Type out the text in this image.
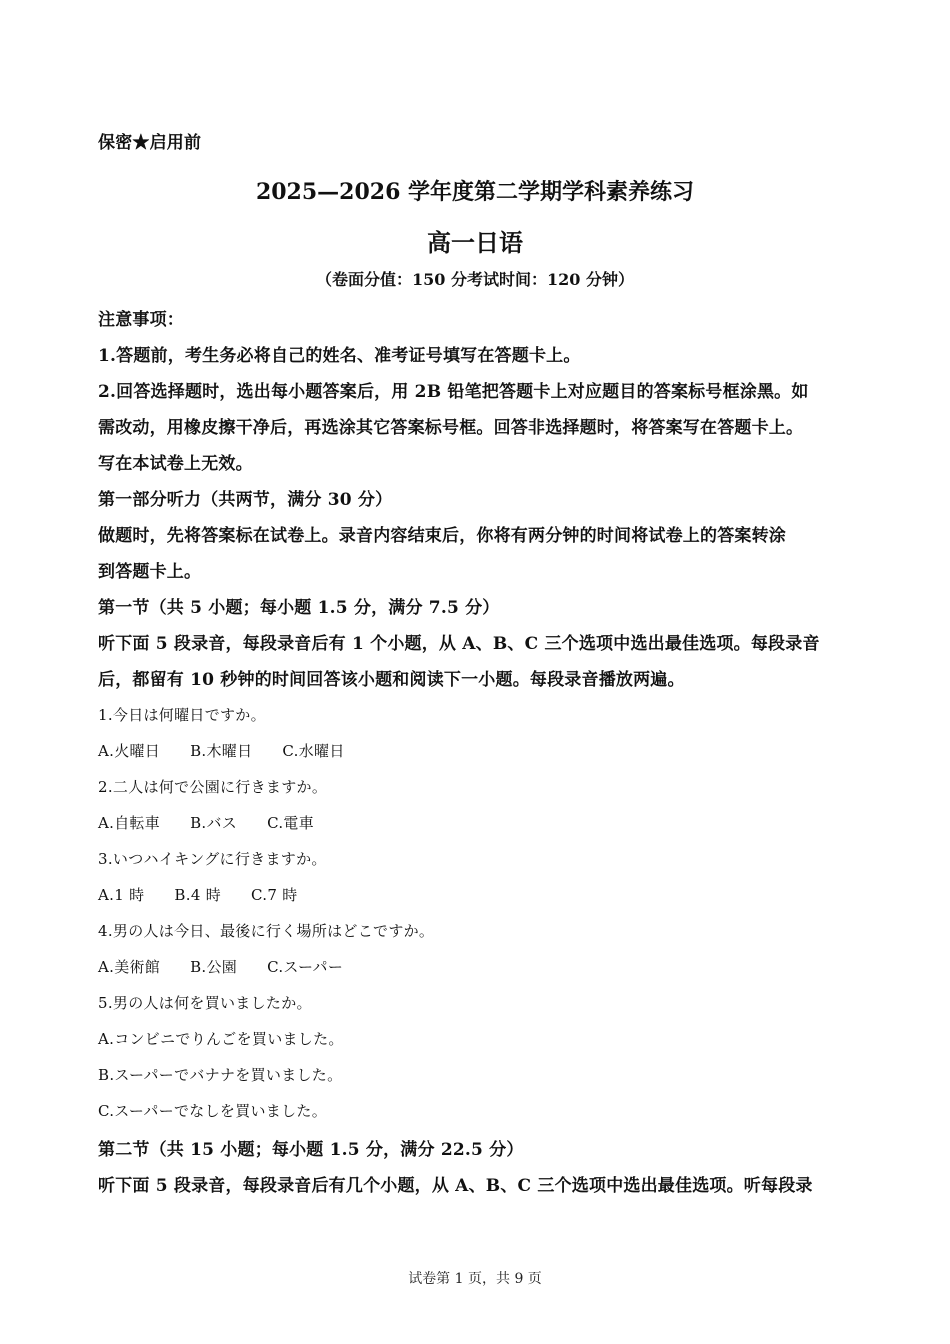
保密★启用前
2025—2026 学年度第二学期学科素养练习
高一日语
（卷面分值：150 分考试时间：120 分钟）
注意事项：
1.答题前，考生务必将自己的姓名、准考证号填写在答题卡上。
2.回答选择题时，选出每小题答案后，用 2B 铅笔把答题卡上对应题目的答案标号框涂黑。如
需改动，用橡皮擦干净后，再选涂其它答案标号框。回答非选择题时，将答案写在答题卡上。
写在本试卷上无效。
第一部分听力（共两节，满分 30 分）
做题时，先将答案标在试卷上。录音内容结束后，你将有两分钟的时间将试卷上的答案转涂
到答题卡上。
第一节（共 5 小题；每小题 1.5 分，满分 7.5 分）
听下面 5 段录音，每段录音后有 1 个小题，从 A、B、C 三个选项中选出最佳选项。每段录音
后，都留有 10 秒钟的时间回答该小题和阅读下一小题。每段录音播放两遍。
1.今日は何曜日ですか。
A.火曜日 B.木曜日 C.水曜日
2.二人は何で公園に行きますか。
A.自転車 B.バス C.電車
3.いつハイキングに行きますか。
A.1 時 B.4 時 C.7 時
4.男の人は今日、最後に行く場所はどこですか。
A.美術館 B.公園 C.スーパー
5.男の人は何を買いましたか。
A.コンビニでりんごを買いました。
B.スーパーでバナナを買いました。
C.スーパーでなしを買いました。
第二节（共 15 小题；每小题 1.5 分，满分 22.5 分）
听下面 5 段录音，每段录音后有几个小题，从 A、B、C 三个选项中选出最佳选项。听每段录
试卷第 1 页，共 9 页
